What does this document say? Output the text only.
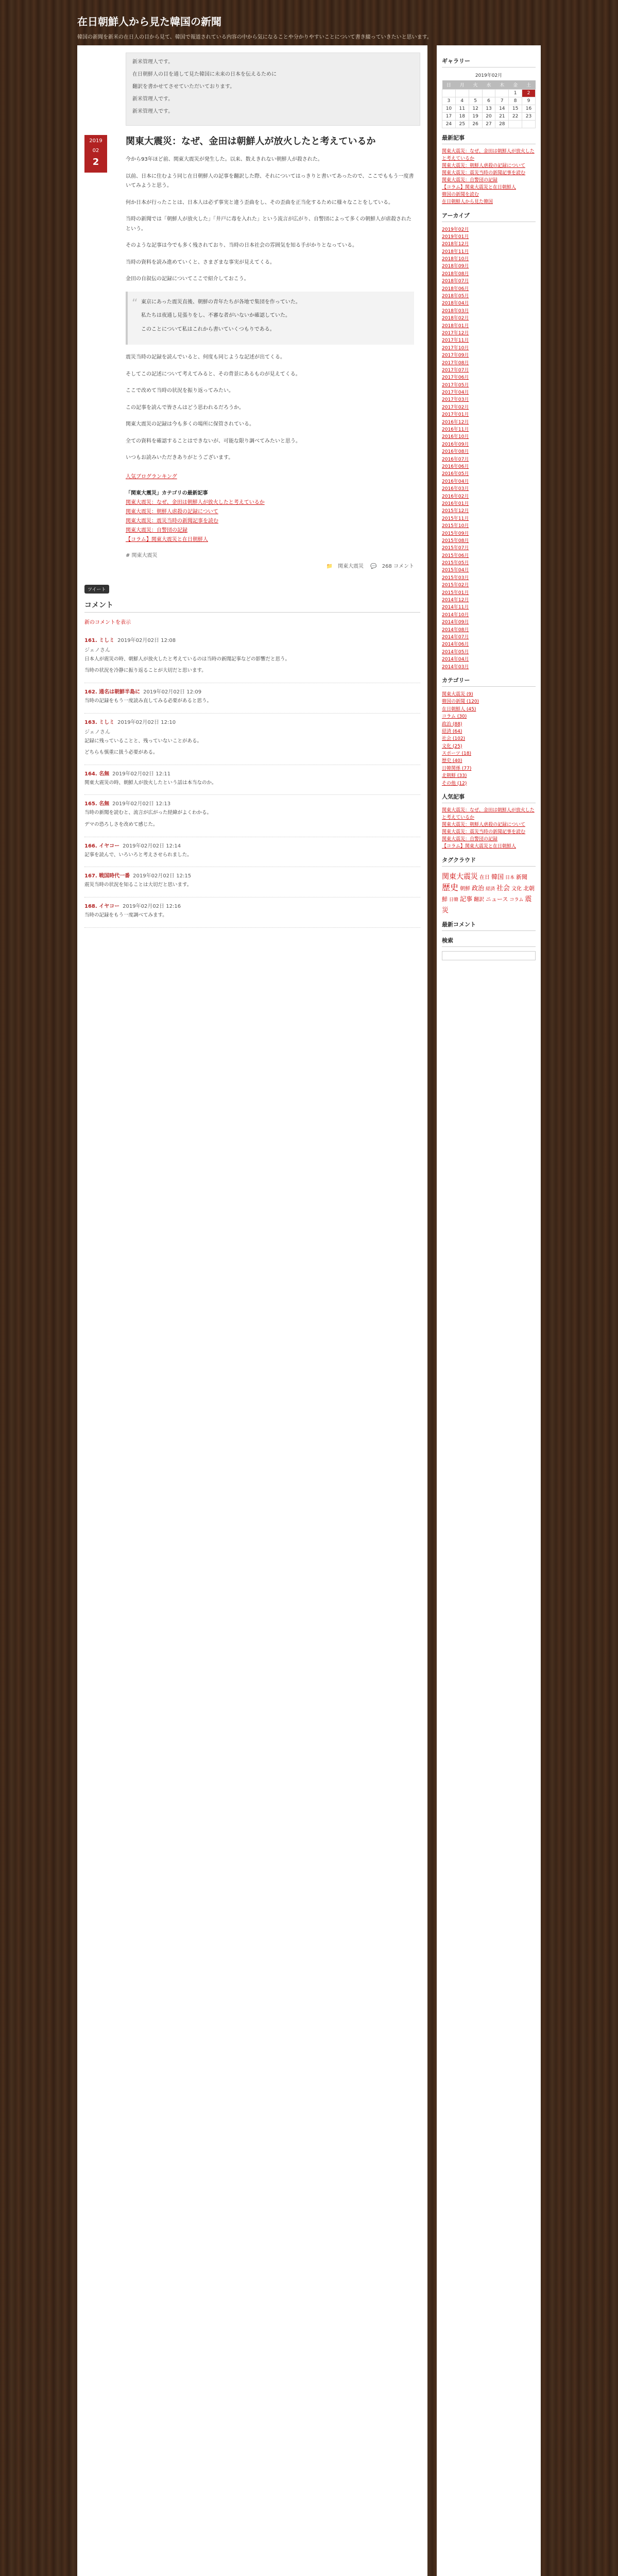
在日朝鮮人から見た韓国の新聞
韓国の新聞を新米の在日人の目から見て、韓国で報道されている内容の中から気になることや分かりやすいことについて書き綴っていきたいと思います。

新米管理人です。

在日朝鮮人の目を通して見た韓国に未来の日本を伝えるために

翻訳を書かせてさせていただいております。

新米管理人です。

新米管理人です。

2019
02
2
関東大震災：なぜ、金田は朝鮮人が放火したと考えているか

今から93年ほど前、関東大震災が発生した。以来、数えきれない朝鮮人が殺された。

以前、日本に住むよう同じ在日朝鮮人の記事を翻訳した際、それについてはっきりと書いてあったので、ここでももう一度書いてみようと思う。

何か日本が行ったことは、日本人は必ず事実と違う歪曲をし、その歪曲を正当化するために様々なことをしている。

当時の新聞では「朝鮮人が放火した」「井戸に毒を入れた」という流言が広がり、自警団によって多くの朝鮮人が虐殺されたという。

そのような記事は今でも多く残されており、当時の日本社会の雰囲気を知る手がかりとなっている。

当時の資料を読み進めていくと、さまざまな事実が見えてくる。

金田の自叙伝の記録についてここで紹介しておこう。

“ 東京にあった震災直後、朝鮮の青年たちが各地で集団を作っていた。

私たちは夜通し見張りをし、不審な者がいないか確認していた。

このことについて私はこれから書いていくつもりである。

震災当時の記録を読んでいると、何度も同じような記述が出てくる。

そしてこの記述について考えてみると、その背景にあるものが見えてくる。

ここで改めて当時の状況を振り返ってみたい。

この記事を読んで皆さんはどう思われるだろうか。

関東大震災の記録は今も多くの場所に保管されている。

全ての資料を確認することはできないが、可能な限り調べてみたいと思う。

いつもお読みいただきありがとうございます。

人気ブログランキング
「関東大震災」カテゴリの最新記事
関東大震災：なぜ、金田は朝鮮人が放火したと考えているか
関東大震災：朝鮮人虐殺の記録について
関東大震災：震災当時の新聞記事を読む
関東大震災：自警団の記録
【コラム】関東大震災と在日朝鮮人
# 関東大震災
📁 関東大震災 💬 268 コメント
ツイート
コメント
新のコメントを表示
161. ミしミ 2019年02月02日 12:08
ジェノさん

日本人が震災の時、朝鮮人が放火したと考えているのは当時の新聞記事などの影響だと思う。

当時の状況を冷静に振り返ることが大切だと思います。

162. 通名は朝鮮半島に 2019年02月02日 12:09

当時の記録をもう一度読み直してみる必要があると思う。

163. ミしミ 2019年02月02日 12:10
ジェノさん

記録に残っていることと、残っていないことがある。

どちらも慎重に扱う必要がある。

164. 名無 2019年02月02日 12:11

関東大震災の時、朝鮮人が放火したという話は本当なのか。

165. 名無 2019年02月02日 12:13

当時の新聞を読むと、流言が広がった経緯がよくわかる。

デマの恐ろしさを改めて感じた。

166. イヤコー 2019年02月02日 12:14

記事を読んで、いろいろと考えさせられました。

167. 戦国時代一番 2019年02月02日 12:15

震災当時の状況を知ることは大切だと思います。

168. イヤコー 2019年02月02日 12:16

当時の記録をもう一度調べてみます。

ギャラリー
2019年02月
日	月	火	水	木	金	土
					1	2
3	4	5	6	7	8	9
10	11	12	13	14	15	16
17	18	19	20	21	22	23
24	25	26	27	28		
最新記事
関東大震災：なぜ、金田は朝鮮人が放火したと考えているか
関東大震災：朝鮮人虐殺の記録について
関東大震災：震災当時の新聞記事を読む
関東大震災：自警団の記録
【コラム】関東大震災と在日朝鮮人
韓国の新聞を読む
在日朝鮮人から見た韓国
アーカイブ
2019年02月
2019年01月
2018年12月
2018年11月
2018年10月
2018年09月
2018年08月
2018年07月
2018年06月
2018年05月
2018年04月
2018年03月
2018年02月
2018年01月
2017年12月
2017年11月
2017年10月
2017年09月
2017年08月
2017年07月
2017年06月
2017年05月
2017年04月
2017年03月
2017年02月
2017年01月
2016年12月
2016年11月
2016年10月
2016年09月
2016年08月
2016年07月
2016年06月
2016年05月
2016年04月
2016年03月
2016年02月
2016年01月
2015年12月
2015年11月
2015年10月
2015年09月
2015年08月
2015年07月
2015年06月
2015年05月
2015年04月
2015年03月
2015年02月
2015年01月
2014年12月
2014年11月
2014年10月
2014年09月
2014年08月
2014年07月
2014年06月
2014年05月
2014年04月
2014年03月
カテゴリー
関東大震災 (9)
韓国の新聞 (120)
在日朝鮮人 (45)
コラム (30)
政治 (88)
経済 (64)
社会 (102)
文化 (25)
スポーツ (18)
歴史 (40)
日韓関係 (77)
北朝鮮 (33)
その他 (12)
人気記事
関東大震災：なぜ、金田は朝鮮人が放火したと考えているか
関東大震災：朝鮮人虐殺の記録について
関東大震災：震災当時の新聞記事を読む
関東大震災：自警団の記録
【コラム】関東大震災と在日朝鮮人
タグクラウド
関東大震災 在日 韓国 日本 新聞歴史 朝鮮 政治 経済 社会 文化 北朝鮮 日韓 記事 翻訳 ニュース コラム 震災
最新コメント
検索
